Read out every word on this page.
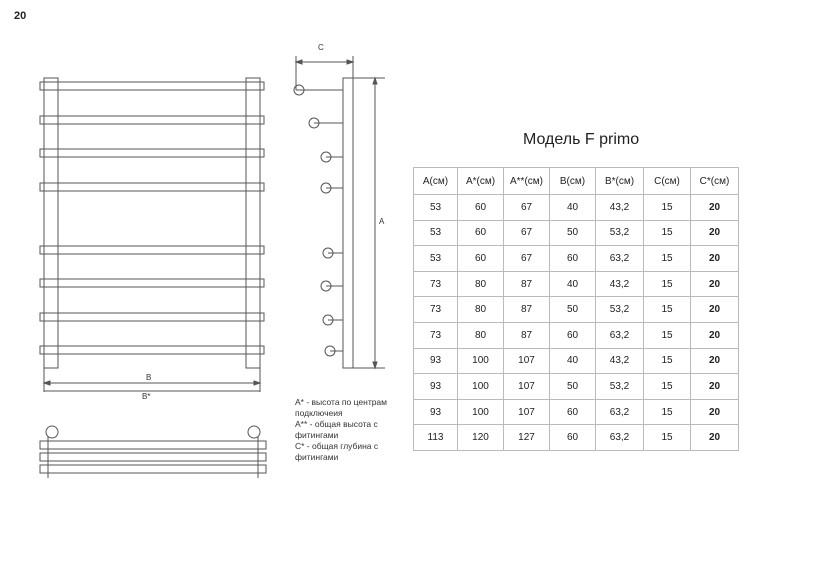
20
B
B*
C
A
A* - высота по центрам подключеия
A** - общая высота с фитингами
C* - общая глубина с фитингами
Модель F primo
А(см)	А*(см)	А**(см)	В(см)	В*(см)	С(см)	С*(см)
53	60	67	40	43,2	15	20
53	60	67	50	53,2	15	20
53	60	67	60	63,2	15	20
73	80	87	40	43,2	15	20
73	80	87	50	53,2	15	20
73	80	87	60	63,2	15	20
93	100	107	40	43,2	15	20
93	100	107	50	53,2	15	20
93	100	107	60	63,2	15	20
113	120	127	60	63,2	15	20
